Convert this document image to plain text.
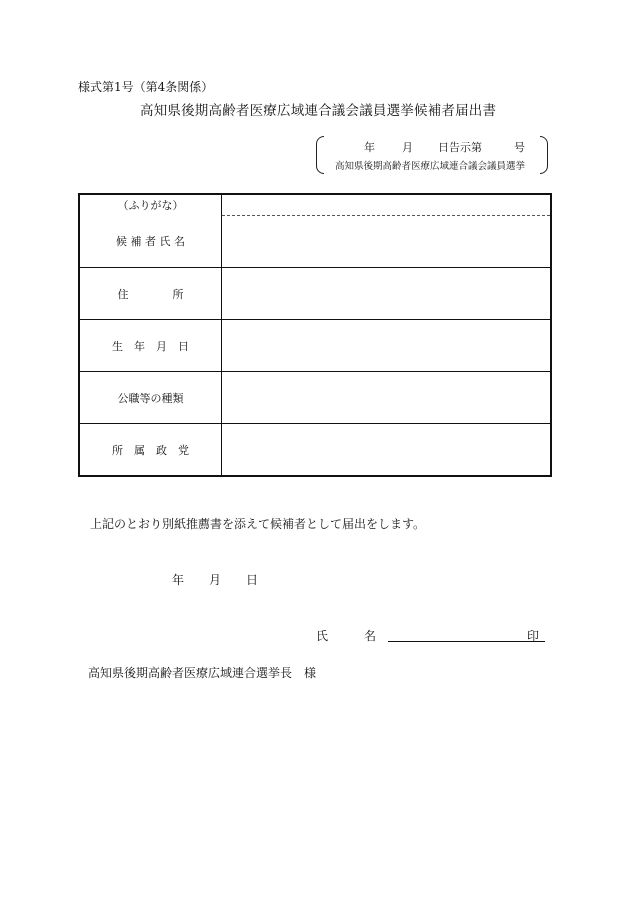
様式第1号（第4条関係）
高知県後期高齢者医療広域連合議会議員選挙候補者届出書
年 月 日告示第	号
高知県後期高齢者医療広域連合議会議員選挙
（ふりがな）	
候 補 者 氏 名	
住　　　　所	
生　年　月　日	
公職等の種類	
所　属　政　党	
上記のとおり別紙推薦書を添えて候補者として届出をします。
年 月 日
氏　　　名	印
高知県後期高齢者医療広域連合選挙長　様
